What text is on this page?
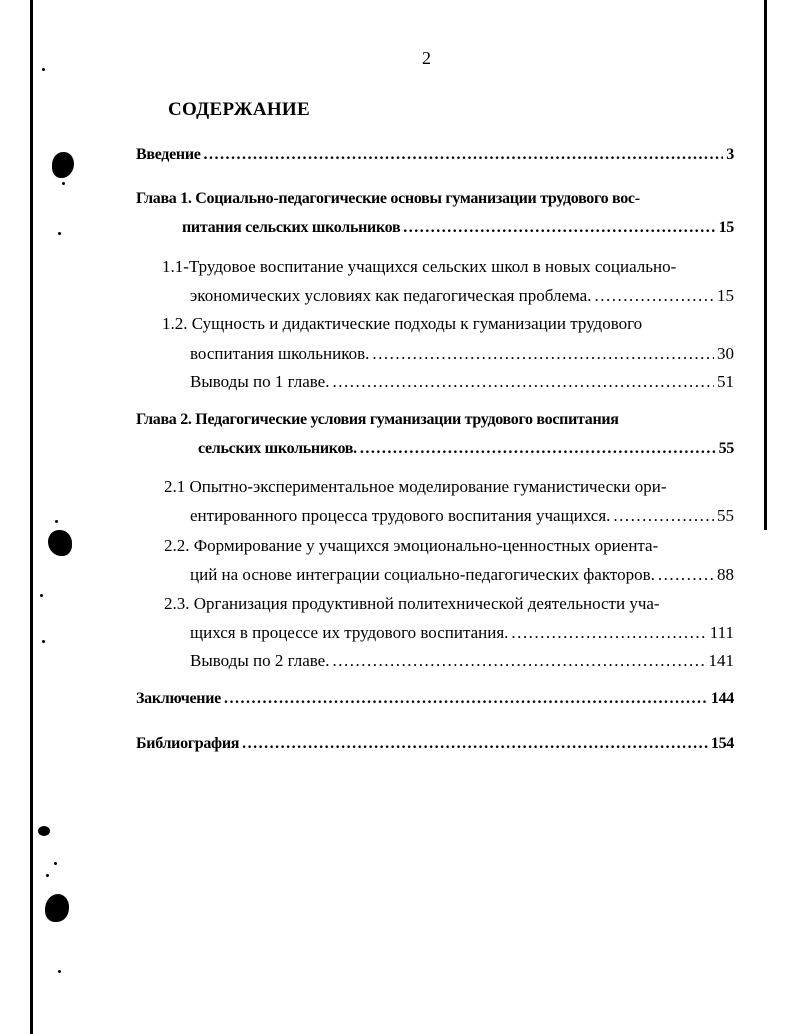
2
СОДЕРЖАНИЕ
Введение .....	3
Глава 1. Социально-педагогические основы гуманизации трудового вос-
питания сельских школьников .....	15
1.1-Трудовое воспитание учащихся сельских школ в новых социально-
экономических условиях как педагогическая проблема. .....	15
1.2. Сущность и дидактические подходы к гуманизации трудового
воспитания школьников. .....	30
Выводы по 1 главе. .....	51
Глава 2. Педагогические условия гуманизации трудового воспитания
сельских школьников. .....	55
2.1 Опытно-экспериментальное моделирование гуманистически ори-
ентированного процесса трудового воспитания учащихся. .....	55
2.2. Формирование у учащихся эмоционально-ценностных ориента-
ций на основе интеграции социально-педагогических факторов. .....	88
2.3. Организация продуктивной политехнической деятельности уча-
щихся в процессе их трудового воспитания. .....	111
Выводы по 2 главе. .....	141
Заключение .....	144
Библиография .....	154
